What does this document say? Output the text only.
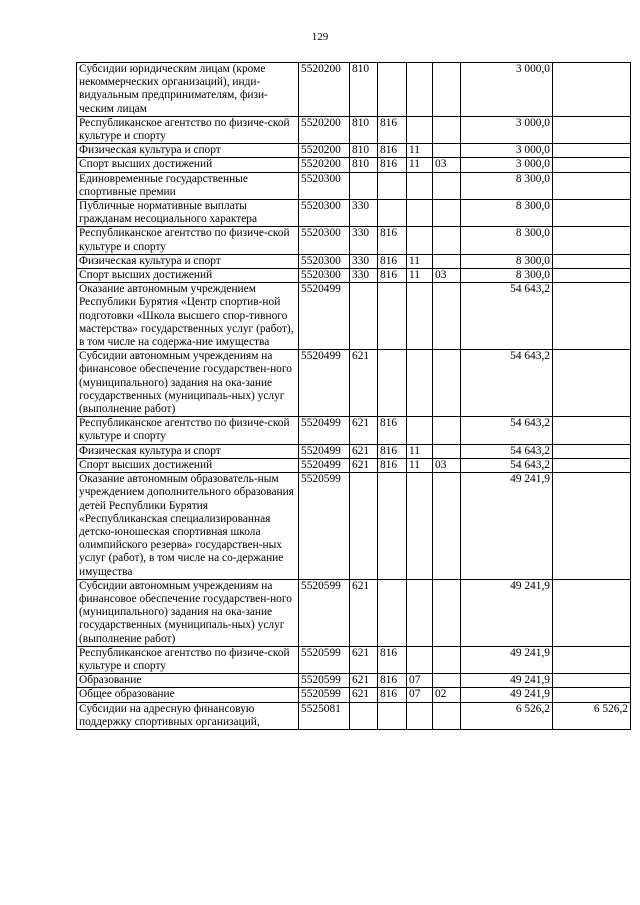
129
Субсидии юридическим лицам (кроме некоммерческих организаций), инди-видуальным предпринимателям, физи-ческим лицам	5520200	810				3 000,0	
Республиканское агентство по физиче-ской культуре и спорту	5520200	810	816			3 000,0	
Физическая культура и спорт	5520200	810	816	11		3 000,0	
Спорт высших достижений	5520200	810	816	11	03	3 000,0	
Единовременные государственные спортивные премии	5520300					8 300,0	
Публичные нормативные выплаты гражданам несоциального характера	5520300	330				8 300,0	
Республиканское агентство по физиче-ской культуре и спорту	5520300	330	816			8 300,0	
Физическая культура и спорт	5520300	330	816	11		8 300,0	
Спорт высших достижений	5520300	330	816	11	03	8 300,0	
Оказание автономным учреждением Республики Бурятия «Центр спортив-ной подготовки «Школа высшего спор-тивного мастерства» государственных услуг (работ), в том числе на содержа-ние имущества	5520499					54 643,2	
Субсидии автономным учреждениям на финансовое обеспечение государствен-ного (муниципального) задания на ока-зание государственных (муниципаль-ных) услуг (выполнение работ)	5520499	621				54 643,2	
Республиканское агентство по физиче-ской культуре и спорту	5520499	621	816			54 643,2	
Физическая культура и спорт	5520499	621	816	11		54 643,2	
Спорт высших достижений	5520499	621	816	11	03	54 643,2	
Оказание автономным образователь-ным учреждением дополнительного образования детей Республики Бурятия «Республиканская специализированная детско-юношеская спортивная школа олимпийского резерва» государствен-ных услуг (работ), в том числе на со-держание имущества	5520599					49 241,9	
Субсидии автономным учреждениям на финансовое обеспечение государствен-ного (муниципального) задания на ока-зание государственных (муниципаль-ных) услуг (выполнение работ)	5520599	621				49 241,9	
Республиканское агентство по физиче-ской культуре и спорту	5520599	621	816			49 241,9	
Образование	5520599	621	816	07		49 241,9	
Общее образование	5520599	621	816	07	02	49 241,9	
Субсидии на адресную финансовую поддержку спортивных организаций,	5525081					6 526,2	6 526,2
